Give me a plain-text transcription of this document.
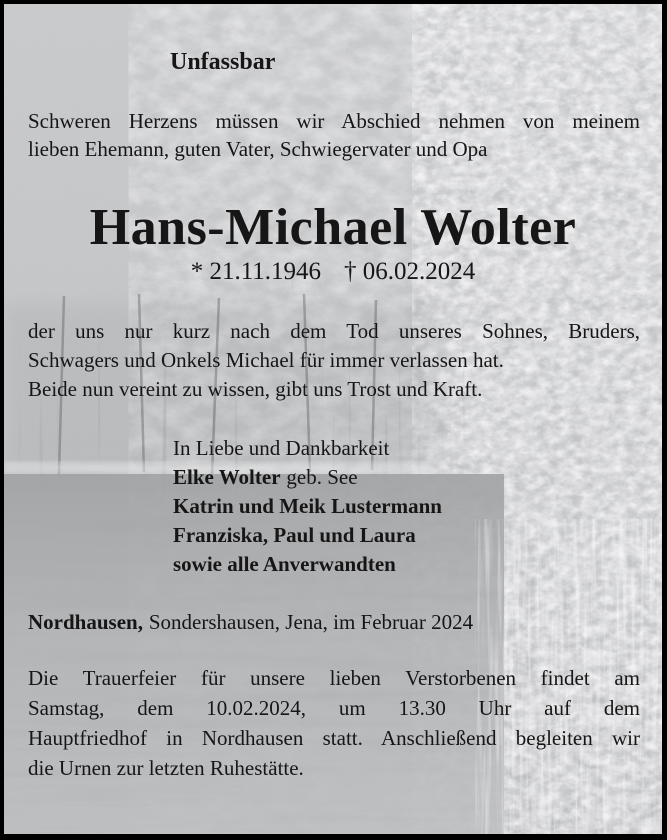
Unfassbar
Schweren Herzens müssen wir Abschied nehmen von meinem
lieben Ehemann, guten Vater, Schwiegervater und Opa
Hans-Michael Wolter
* 21.11.1946 † 06.02.2024
der uns nur kurz nach dem Tod unseres Sohnes, Bruders,
Schwagers und Onkels Michael für immer verlassen hat.
Beide nun vereint zu wissen, gibt uns Trost und Kraft.
In Liebe und Dankbarkeit
Elke Wolter geb. See
Katrin und Meik Lustermann
Franziska, Paul und Laura
sowie alle Anverwandten
Nordhausen, Sondershausen, Jena, im Februar 2024
Die Trauerfeier für unsere lieben Verstorbenen findet am
Samstag, dem 10.02.2024, um 13.30 Uhr auf dem
Hauptfriedhof in Nordhausen statt. Anschließend begleiten wir
die Urnen zur letzten Ruhestätte.
